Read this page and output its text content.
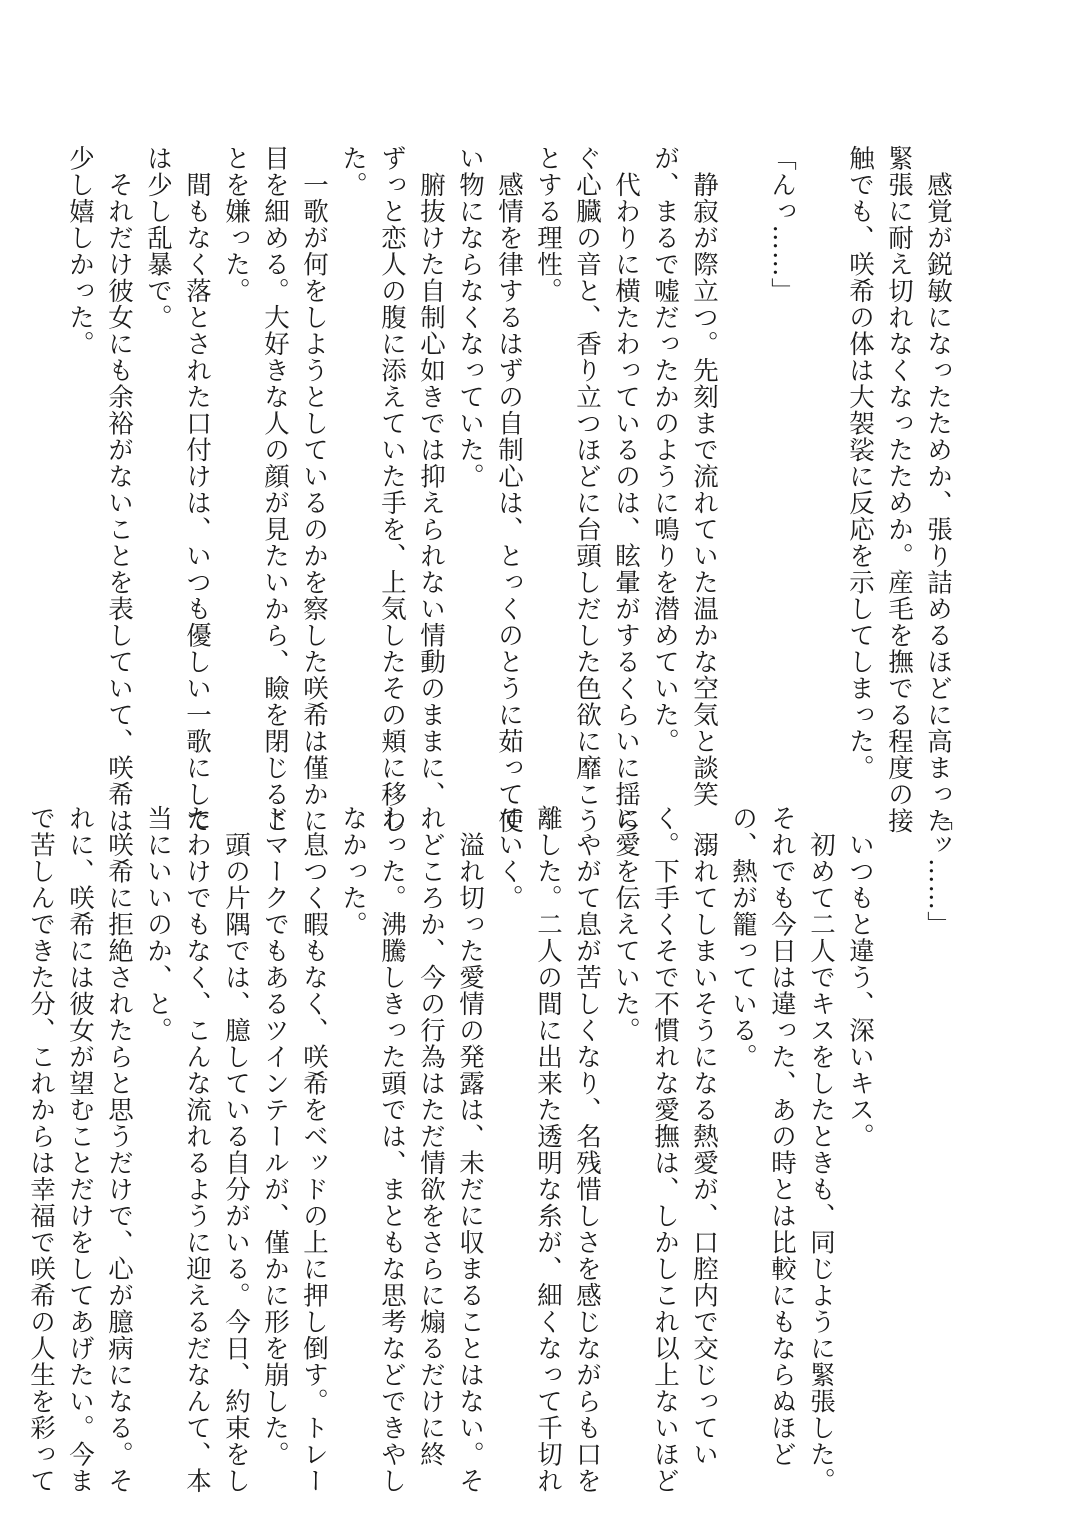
　感覚が鋭敏になったためか、張り詰めるほどに高まった
緊張に耐え切れなくなったためか。産毛を撫でる程度の接
触でも、咲希の体は大袈裟に反応を示してしまった。

「んっ……」

　静寂が際立つ。先刻まで流れていた温かな空気と談笑
が、まるで嘘だったかのように鳴りを潜めていた。
　代わりに横たわっているのは、眩暈がするくらいに揺ら
ぐ心臓の音と、香り立つほどに台頭しだした色欲に靡こう
とする理性。
　感情を律するはずの自制心は、とっくのとうに茹って使
い物にならなくなっていた。
　腑抜けた自制心如きでは抑えられない情動のままに、
ずっと恋人の腹に添えていた手を、上気したその頬に移し
た。
　一歌が何をしようとしているのかを察した咲希は僅かに
目を細める。大好きな人の顔が見たいから、瞼を閉じるこ
とを嫌った。
　間もなく落とされた口付けは、いつも優しい一歌にして
は少し乱暴で。
　それだけ彼女にも余裕がないことを表していて、咲希は
少し嬉しかった。
「ッ……」

　いつもと違う、深いキス。
　初めて二人でキスをしたときも、同じように緊張した。
それでも今日は違った、あの時とは比較にもならぬほど
の、熱が籠っている。
　溺れてしまいそうになる熱愛が、口腔内で交じってい
く。下手くそで不慣れな愛撫は、しかしこれ以上ないほど
に愛を伝えていた。
　やがて息が苦しくなり、名残惜しさを感じながらも口を
離した。二人の間に出来た透明な糸が、細くなって千切れ
ていく。
　溢れ切った愛情の発露は、未だに収まることはない。そ
れどころか、今の行為はただ情欲をさらに煽るだけに終
わった。沸騰しきった頭では、まともな思考などできやし
なかった。
　息つく暇もなく、咲希をベッドの上に押し倒す。トレー
ドマークでもあるツインテールが、僅かに形を崩した。
　頭の片隅では、臆している自分がいる。今日、約束をし
たわけでもなく、こんな流れるように迎えるだなんて、本
当にいいのか、と。
　咲希に拒絶されたらと思うだけで、心が臆病になる。そ
れに、咲希には彼女が望むことだけをしてあげたい。今ま
で苦しんできた分、これからは幸福で咲希の人生を彩って
